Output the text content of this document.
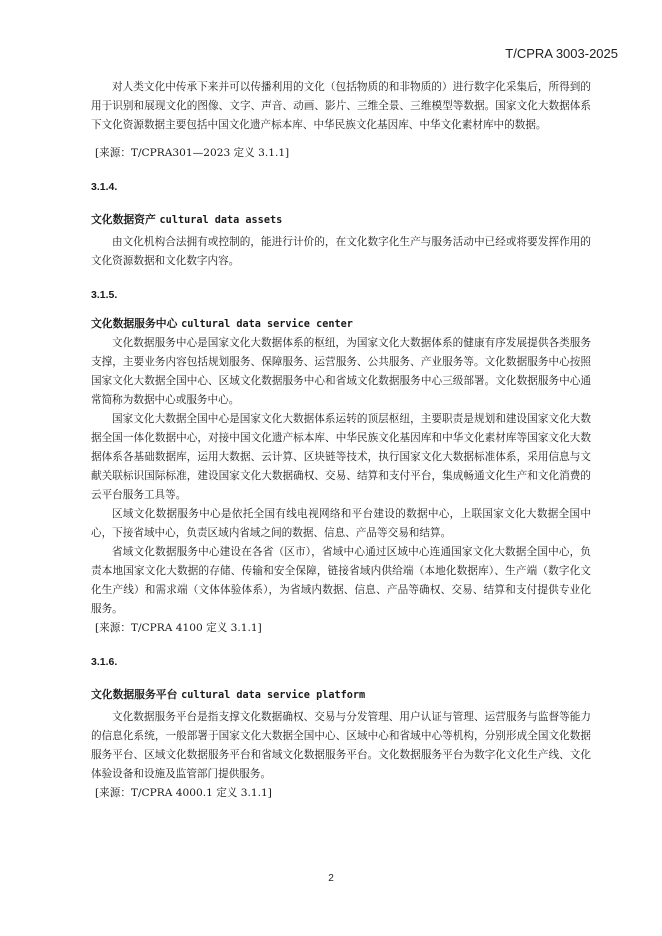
T/CPRA 3003-2025

对人类文化中传承下来并可以传播利用的文化（包括物质的和非物质的）进行数字化采集后，所得到的用于识别和展现文化的图像、文字、声音、动画、影片、三维全景、三维模型等数据。国家文化大数据体系下文化资源数据主要包括中国文化遗产标本库、中华民族文化基因库、中华文化素材库中的数据。

[来源：T/CPRA301—2023 定义 3.1.1]

3.1.4.
文化数据资产 cultural data assets

由文化机构合法拥有或控制的，能进行计价的，在文化数字化生产与服务活动中已经或将要发挥作用的文化资源数据和文化数字内容。

3.1.5.
文化数据服务中心 cultural data service center

文化数据服务中心是国家文化大数据体系的枢纽，为国家文化大数据体系的健康有序发展提供各类服务支撑，主要业务内容包括规划服务、保障服务、运营服务、公共服务、产业服务等。文化数据服务中心按照国家文化大数据全国中心、区域文化数据服务中心和省域文化数据服务中心三级部署。文化数据服务中心通常简称为数据中心或服务中心。

国家文化大数据全国中心是国家文化大数据体系运转的顶层枢纽，主要职责是规划和建设国家文化大数据全国一体化数据中心，对接中国文化遗产标本库、中华民族文化基因库和中华文化素材库等国家文化大数据体系各基础数据库，运用大数据、云计算、区块链等技术，执行国家文化大数据标准体系，采用信息与文献关联标识国际标准，建设国家文化大数据确权、交易、结算和支付平台，集成畅通文化生产和文化消费的云平台服务工具等。

区域文化数据服务中心是依托全国有线电视网络和平台建设的数据中心，上联国家文化大数据全国中心，下接省域中心，负责区域内省域之间的数据、信息、产品等交易和结算。

省域文化数据服务中心建设在各省（区市），省域中心通过区域中心连通国家文化大数据全国中心，负责本地国家文化大数据的存储、传输和安全保障，链接省域内供给端（本地化数据库）、生产端（数字化文化生产线）和需求端（文体体验体系），为省域内数据、信息、产品等确权、交易、结算和支付提供专业化服务。

[来源：T/CPRA 4100 定义 3.1.1]

3.1.6.
文化数据服务平台 cultural data service platform

文化数据服务平台是指支撑文化数据确权、交易与分发管理、用户认证与管理、运营服务与监督等能力的信息化系统，一般部署于国家文化大数据全国中心、区域中心和省域中心等机构，分别形成全国文化数据服务平台、区域文化数据服务平台和省域文化数据服务平台。文化数据服务平台为数字化文化生产线、文化体验设备和设施及监管部门提供服务。

[来源：T/CPRA 4000.1 定义 3.1.1]

2
